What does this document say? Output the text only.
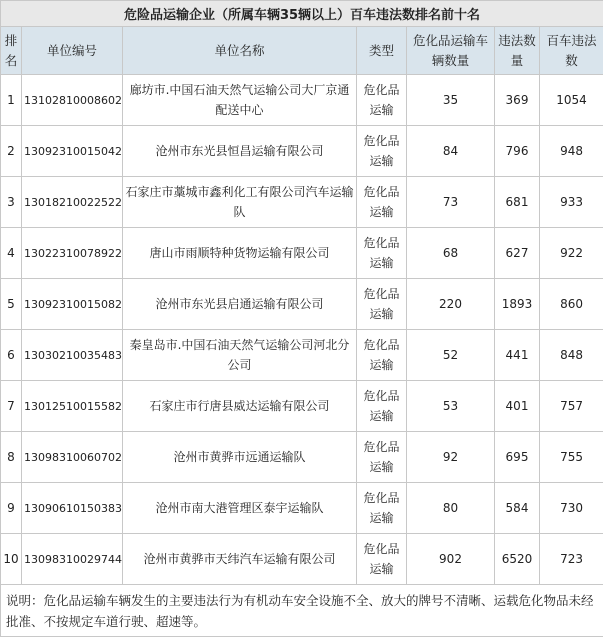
危险品运输企业（所属车辆35辆以上）百车违法数排名前十名						
排名	单位编号	单位名称	类型	危化品运输车辆数量	违法数量	百车违法数
1	13102810008602	廊坊市.中国石油天然气运输公司大厂京通配送中心	危化品运输	35	369	1054
2	13092310015042	沧州市东光县恒昌运输有限公司	危化品运输	84	796	948
3	13018210022522	石家庄市藁城市鑫利化工有限公司汽车运输队	危化品运输	73	681	933
4	13022310078922	唐山市雨顺特种货物运输有限公司	危化品运输	68	627	922
5	13092310015082	沧州市东光县启通运输有限公司	危化品运输	220	1893	860
6	13030210035483	秦皇岛市.中国石油天然气运输公司河北分公司	危化品运输	52	441	848
7	13012510015582	石家庄市行唐县威达运输有限公司	危化品运输	53	401	757
8	13098310060702	沧州市黄骅市远通运输队	危化品运输	92	695	755
9	13090610150383	沧州市南大港管理区泰宇运输队	危化品运输	80	584	730
10	13098310029744	沧州市黄骅市天纬汽车运输有限公司	危化品运输	902	6520	723
说明：危化品运输车辆发生的主要违法行为有机动车安全设施不全、放大的牌号不清晰、运载危化物品未经批准、不按规定车道行驶、超速等。						
